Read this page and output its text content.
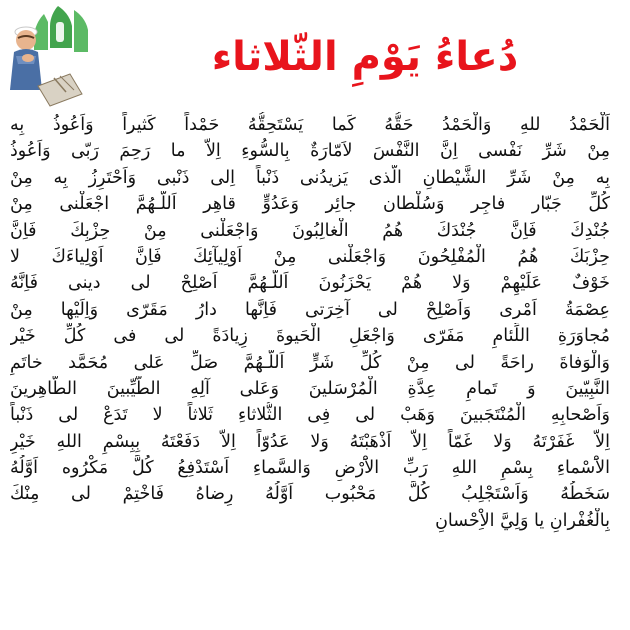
دُعاءُ يَوْمِ الثّلاثاء
اَلْحَمْدُ للهِ وَالْحَمْدُ حَقُّهُ كَما يَسْتَحِقُّهُ حَمْداً كَثيراً وَاَعُوذُ بِه
مِنْ شَرِّ نَفْسى اِنَّ النَّفْسَ لاَمّارَةٌ بِالسُّوءِ اِلاّ ما رَحِمَ رَبّى وَاَعُوذُ
بِه مِنْ شَرِّ الشَّيْطانِ الَّذى يَزيدُنى ذَنْباً اِلى ذَنْبى وَاَحْتَرِزُ بِه مِنْ
كُلِّ جَبّار فاجِر وَسُلْطان جائِر وَعَدُوٍّ قاهِر اَللّـهُمَّ اجْعَلْنى مِنْ
جُنْدِكَ فَاِنَّ جُنْدَكَ هُمُ الْغالِبُونَ وَاجْعَلْنى مِنْ حِزْبِكَ فَاِنَّ
حِزْبَكَ هُمُ الْمُفْلِحُونَ وَاجْعَلْنى مِنْ اَوْلِيآئِكَ فَاِنَّ اَوْلِياءَكَ لا
خَوْفٌ عَلَيْهِمْ وَلا هُمْ يَحْزَنُونَ اَللّـهُمَّ اَصْلِحْ لى دينى فَاِنَّهُ
عِصْمَةُ اَمْرى وَاَصْلِحْ لى آخِرَتى فَاِنَّها دارُ مَقَرّى وَاِلَيْها مِنْ
مُجاوَرَةِ اللِّئامِ مَفَرّى وَاجْعَلِ الْحَيوةَ زِيادَةً لى فى كُلِّ خَيْر
وَالْوَفاةَ راحَةً لى مِنْ كُلِّ شَرٍّ اَللّـهُمَّ صَلِّ عَلى مُحَمَّد خاتَمِ
النَّبِيّينَ وَ تَمامِ عِدَّةِ الْمُرْسَلينَ وَعَلى آلِهِ الطَّيِّبينَ الطّاهِرينَ
وَاَصْحابِهِ الْمُنْتَجَبينَ وَهَبْ لى فِى الثُّلاثاءِ ثَلاثاً لا تَدَعْ لى ذَنْباً
اِلاّ غَفَرْتَهُ وَلا غَمّاً اِلاّ اَذْهَبْتَهُ وَلا عَدُوّاً اِلاّ دَفَعْتَهُ بِبِسْمِ اللهِ خَيْرِ
الاَْسْماءِ بِسْمِ اللهِ رَبِّ الاَْرْضِ وَالسَّماءِ اَسْتَدْفِعُ كُلَّ مَكْرُوه اَوَّلُهُ
سَخَطُهُ وَاَسْتَجْلِبُ كُلَّ مَحْبُوب اَوَّلُهُ رِضاهُ فَاخْتِمْ لى مِنْكَ
بِالْغُفْرانِ يا وَلِيَّ الاِْحْسانِ
